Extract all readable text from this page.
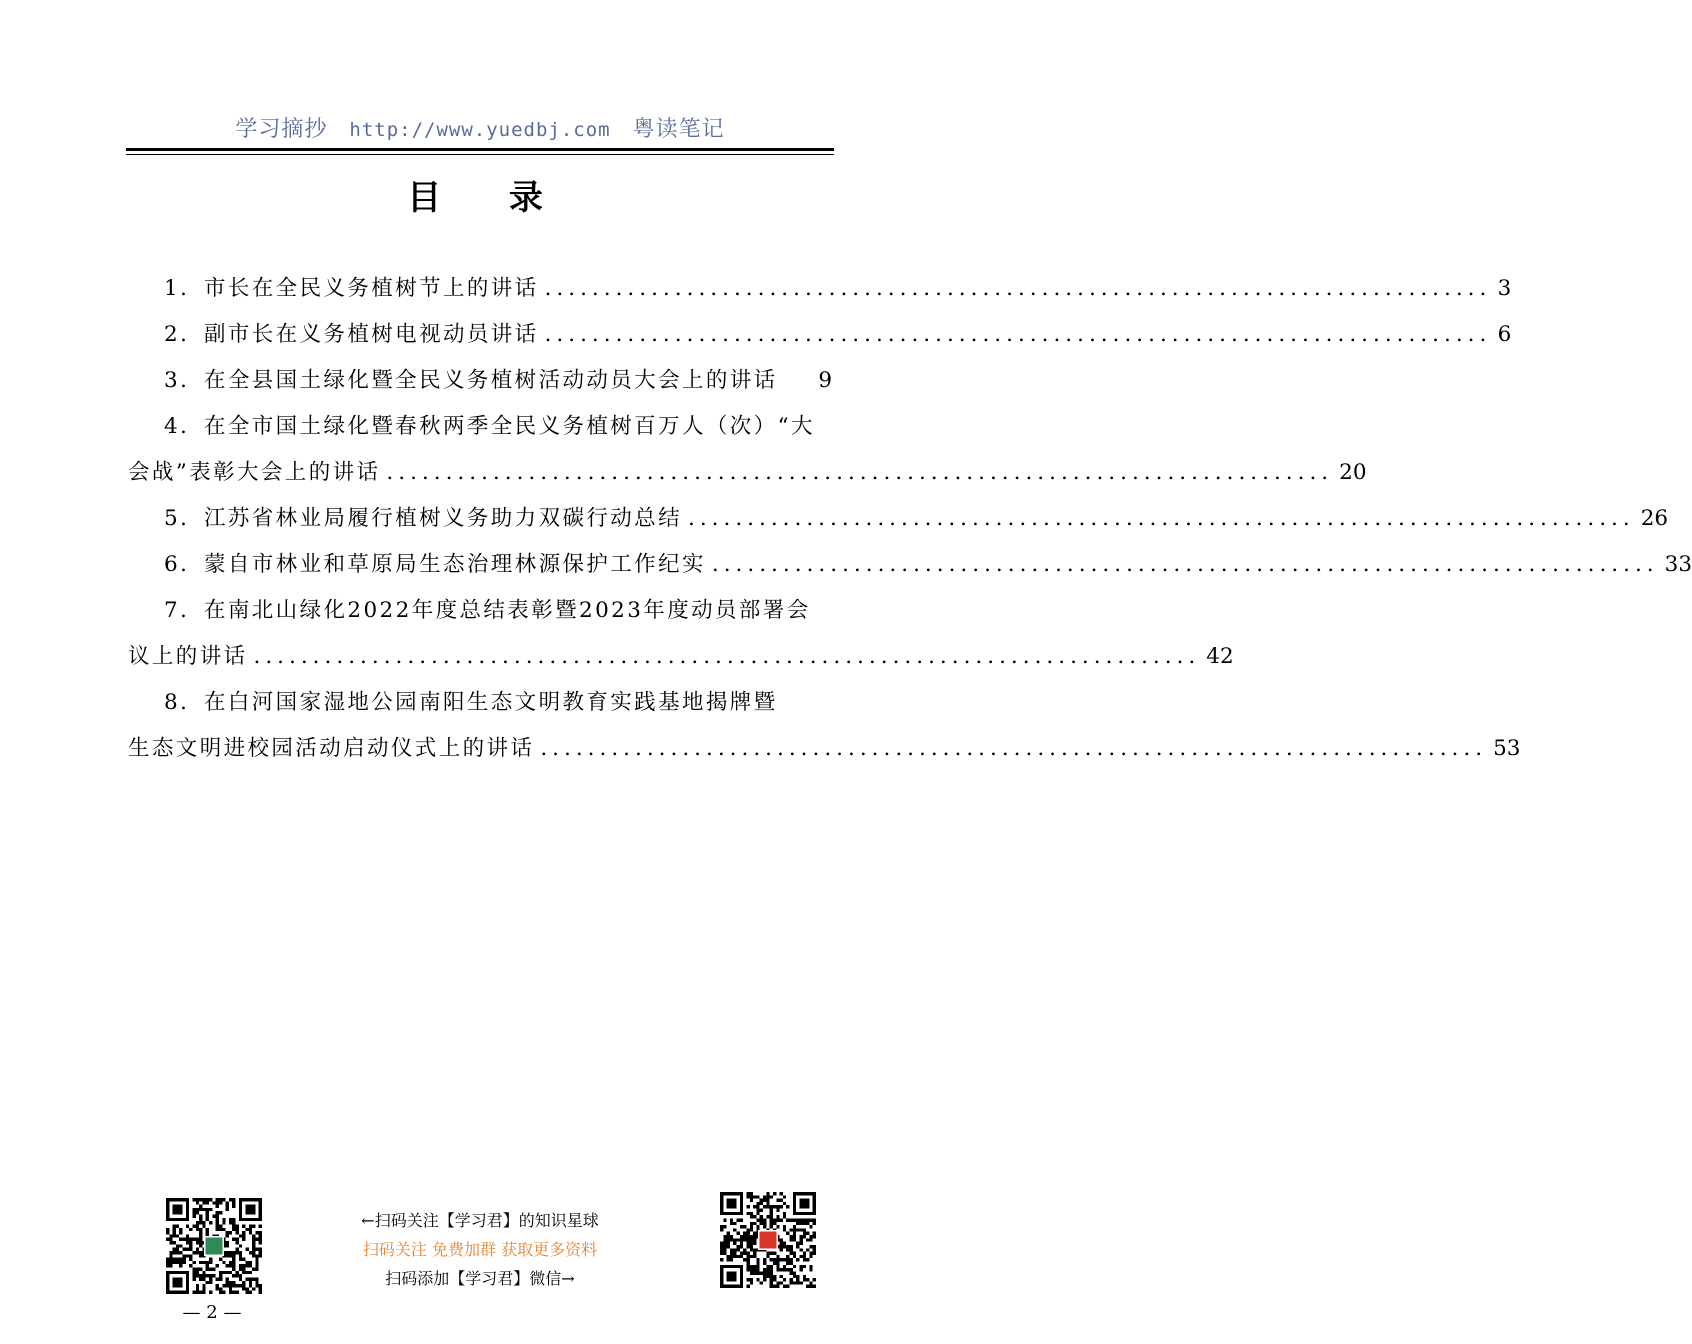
学习摘抄 http://www.yuedbj.com 粤读笔记
目 录
1．市长在全民义务植树节上的讲话 ................................................................................ 3
2．副市长在义务植树电视动员讲话 ................................................................................ 6
3．在全县国土绿化暨全民义务植树活动动员大会上的讲话 9
4．在全市国土绿化暨春秋两季全民义务植树百万人（次）“大
会战”表彰大会上的讲话 ................................................................................ 20
5．江苏省林业局履行植树义务助力双碳行动总结 ................................................................................ 26
6．蒙自市林业和草原局生态治理林源保护工作纪实 ................................................................................ 33
7．在南北山绿化2022年度总结表彰暨2023年度动员部署会
议上的讲话 ................................................................................ 42
8．在白河国家湿地公园南阳生态文明教育实践基地揭牌暨
生态文明进校园活动启动仪式上的讲话 ................................................................................ 53
←扫码关注【学习君】的知识星球
扫码关注 免费加群 获取更多资料
扫码添加【学习君】微信→
— 2 —
